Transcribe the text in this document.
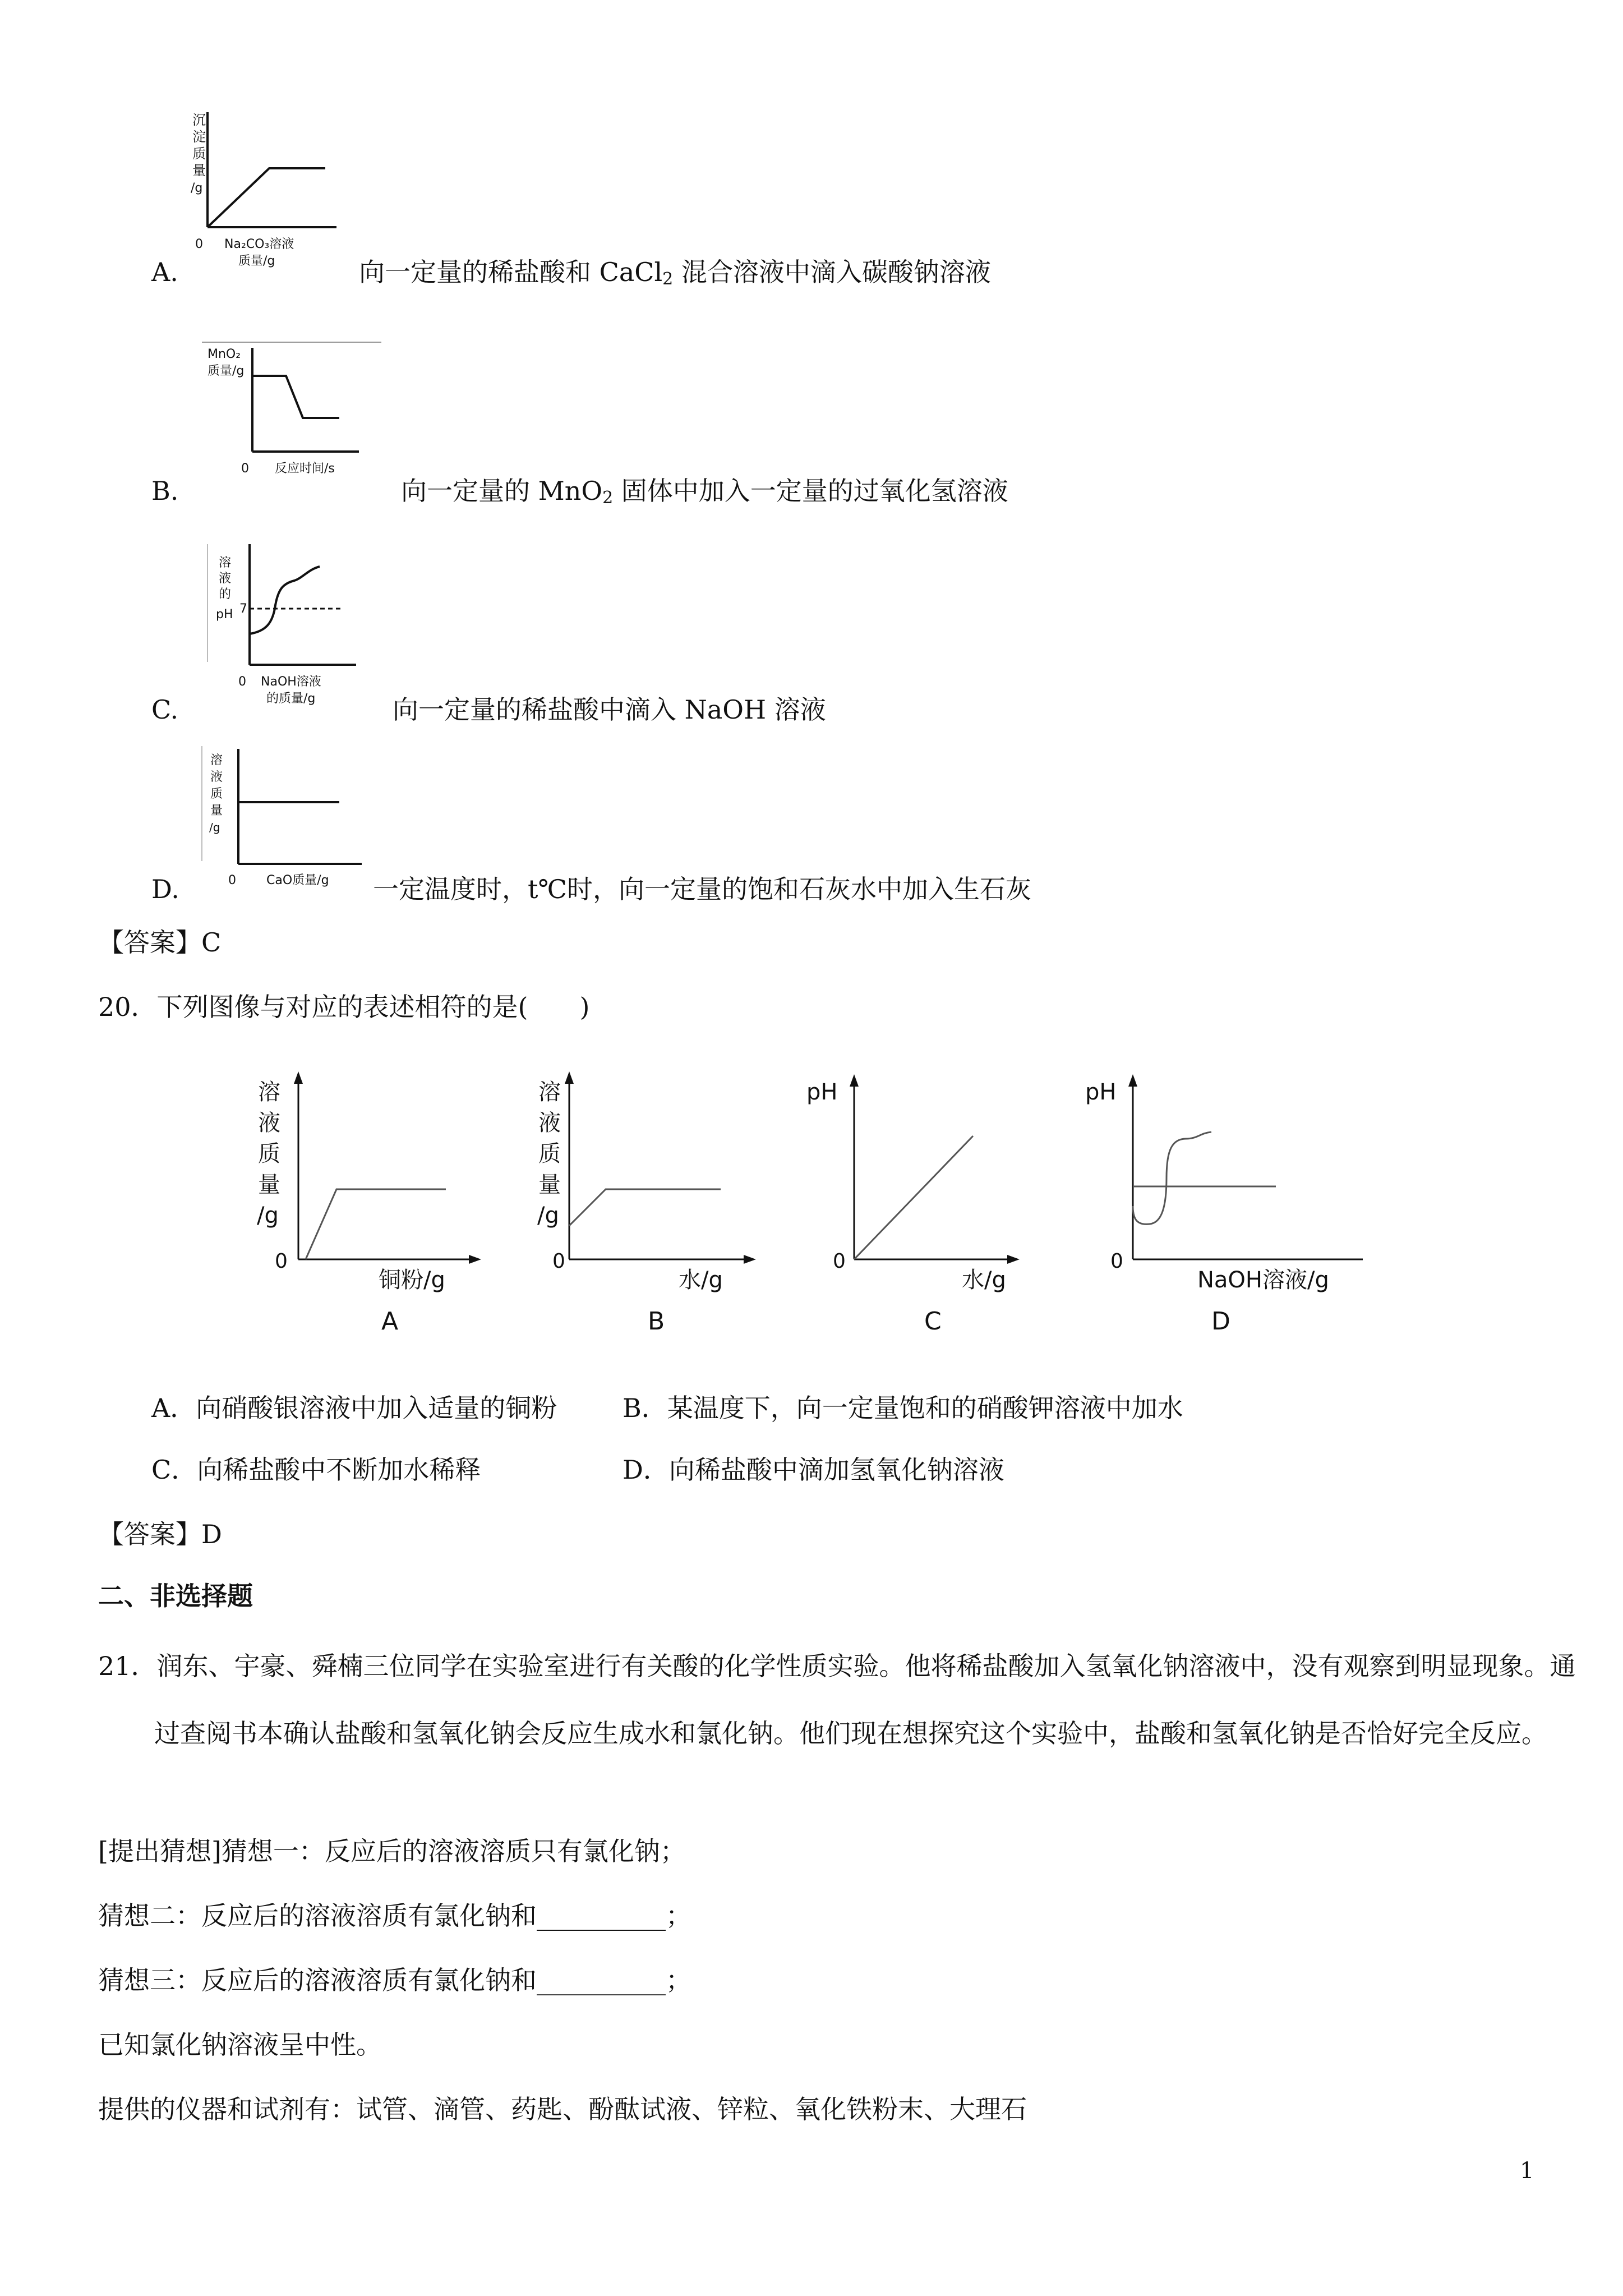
沉
淀
质
量
/g
0 Na₂CO₃溶液
质量/g
A.	向一定量的稀盐酸和 CaCl$_2$ 混合溶液中滴入碳酸钠溶液
MnO₂
质量/g
0 反应时间/s
B.	向一定量的 MnO$_2$ 固体中加入一定量的过氧化氢溶液
溶
液
的
pH 7
0 NaOH溶液
的质量/g
C.	向一定量的稀盐酸中滴入 NaOH 溶液
溶
液
质
量
/g
0 CaO质量/g
D.	一定温度时，t℃时，向一定量的饱和石灰水中加入生石灰
【答案】C
20．下列图像与对应的表述相符的是(　　)
溶
液
质
量
/g
0
铜粉/g
A
溶
液
质
量
/g
0
水/g
B
pH
0
水/g
C
pH
0
NaOH溶液/g
D
A．向硝酸银溶液中加入适量的铜粉	B．某温度下，向一定量饱和的硝酸钾溶液中加水
C．向稀盐酸中不断加水稀释	D．向稀盐酸中滴加氢氧化钠溶液
【答案】D
二、非选择题
21．润东、宇豪、舜楠三位同学在实验室进行有关酸的化学性质实验。他将稀盐酸加入氢氧化钠溶液中，没有观察到明显现象。通过查阅书本确认盐酸和氢氧化钠会反应生成水和氯化钠。他们现在想探究这个实验中，盐酸和氢氧化钠是否恰好完全反应。
[提出猜想]猜想一：反应后的溶液溶质只有氯化钠；
猜想二：反应后的溶液溶质有氯化钠和__________；
猜想三：反应后的溶液溶质有氯化钠和__________；
已知氯化钠溶液呈中性。
提供的仪器和试剂有：试管、滴管、药匙、酚酞试液、锌粒、氧化铁粉末、大理石
1
